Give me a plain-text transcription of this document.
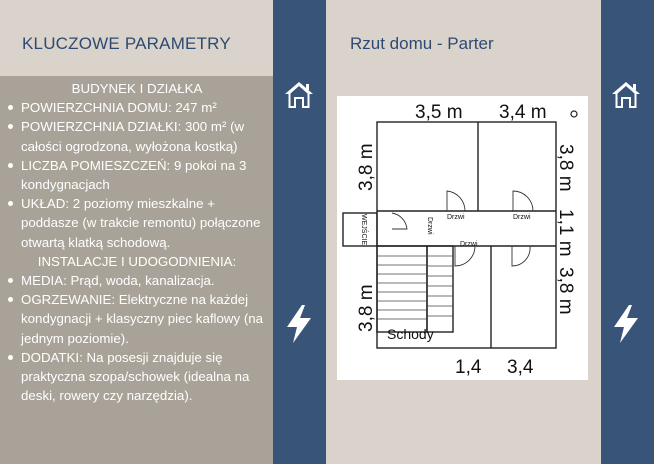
KLUCZOWE PARAMETRY
BUDYNEK I DZIAŁKA
POWIERZCHNIA DOMU: 247 m²
POWIERZCHNIA DZIAŁKI: 300 m² (w całości ogrodzona, wyłożona kostką)
LICZBA POMIESZCZEŃ: 9 pokoi na 3 kondygnacjach
UKŁAD: 2 poziomy mieszkalne + poddasze (w trakcie remontu) połączone otwartą klatką schodową.
INSTALACJE I UDOGODNIENIA:
MEDIA: Prąd, woda, kanalizacja.
OGRZEWANIE: Elektryczne na każdej kondygnacji + klasyczny piec kaflowy (na jednym poziomie).
DODATKI: Na posesji znajduje się praktyczna szopa/schowek (idealna na deski, rowery czy narzędzia).
Rzut domu - Parter
3,5 m 3,4 m
3,8 m
3,8 m
3,8 m
1,1 m
3,8 m
1,4 3,4
Drzwi	Drzwi
Drzwi
Drzwi
WEJŚCIE
Schody
